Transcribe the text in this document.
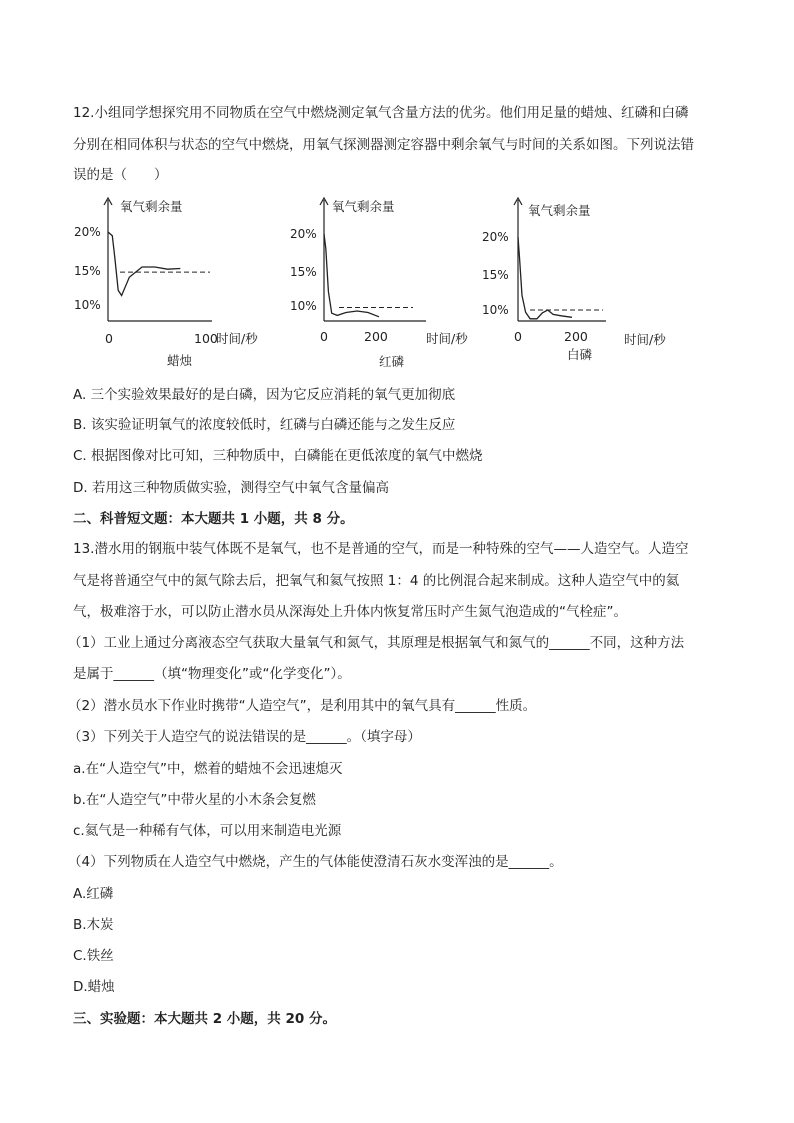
12.小组同学想探究用不同物质在空气中燃烧测定氧气含量方法的优劣。他们用足量的蜡烛、红磷和白磷
分别在相同体积与状态的空气中燃烧，用氧气探测器测定容器中剩余氧气与时间的关系如图。下列说法错
误的是（　　）
氧气剩余量
20%
15%
10%
0	100
时间/秒
蜡烛
氧气剩余量
20%
15%
10%
0	200	时间/秒
红磷
氧气剩余量
20%
15%
10%
0	200	时间/秒
白磷
A. 三个实验效果最好的是白磷，因为它反应消耗的氧气更加彻底
B. 该实验证明氧气的浓度较低时，红磷与白磷还能与之发生反应
C. 根据图像对比可知，三种物质中，白磷能在更低浓度的氧气中燃烧
D. 若用这三种物质做实验，测得空气中氧气含量偏高
二、科普短文题：本大题共 1 小题，共 8 分。
13.潜水用的钢瓶中装气体既不是氧气，也不是普通的空气，而是一种特殊的空气——人造空气。人造空
气是将普通空气中的氮气除去后，把氧气和氦气按照 1：4 的比例混合起来制成。这种人造空气中的氦
气，极难溶于水，可以防止潜水员从深海处上升体内恢复常压时产生氮气泡造成的“气栓症”。
（1）工业上通过分离液态空气获取大量氧气和氮气，其原理是根据氧气和氮气的______不同，这种方法
是属于______（填“物理变化”或“化学变化”）。
（2）潜水员水下作业时携带“人造空气”，是利用其中的氧气具有______性质。
（3）下列关于人造空气的说法错误的是______。（填字母）
a.在“人造空气”中，燃着的蜡烛不会迅速熄灭
b.在“人造空气”中带火星的小木条会复燃
c.氦气是一种稀有气体，可以用来制造电光源
（4）下列物质在人造空气中燃烧，产生的气体能使澄清石灰水变浑浊的是______。
A.红磷
B.木炭
C.铁丝
D.蜡烛
三、实验题：本大题共 2 小题，共 20 分。
